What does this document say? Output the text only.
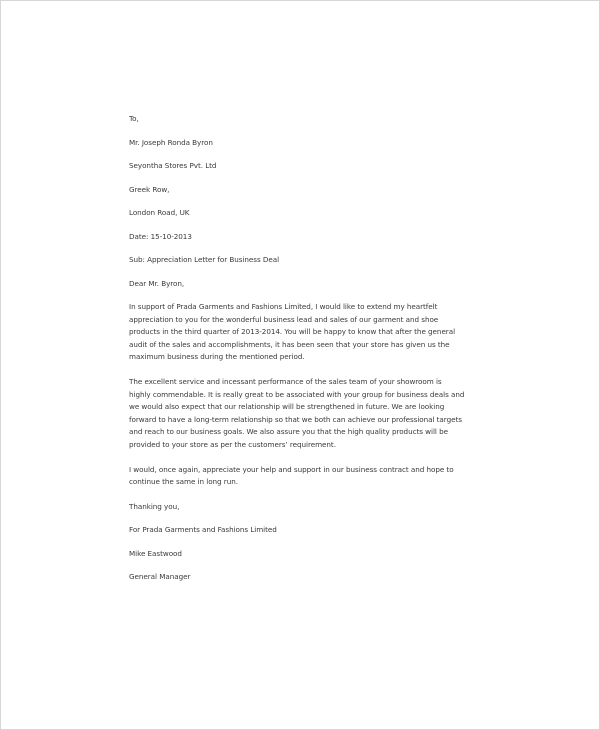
To,
Mr. Joseph Ronda Byron
Seyontha Stores Pvt. Ltd
Greek Row,
London Road, UK
Date: 15-10-2013
Sub: Appreciation Letter for Business Deal
Dear Mr. Byron,

In support of Prada Garments and Fashions Limited, I would like to extend my heartfelt appreciation to you for the wonderful business lead and sales of our garment and shoe products in the third quarter of 2013-2014. You will be happy to know that after the general audit of the sales and accomplishments, it has been seen that your store has given us the maximum business during the mentioned period.

The excellent service and incessant performance of the sales team of your showroom is highly commendable. It is really great to be associated with your group for business deals and we would also expect that our relationship will be strengthened in future. We are looking forward to have a long-term relationship so that we both can achieve our professional targets and reach to our business goals. We also assure you that the high quality products will be provided to your store as per the customers’ requirement.

I would, once again, appreciate your help and support in our business contract and hope to continue the same in long run.

Thanking you,
For Prada Garments and Fashions Limited
Mike Eastwood
General Manager
